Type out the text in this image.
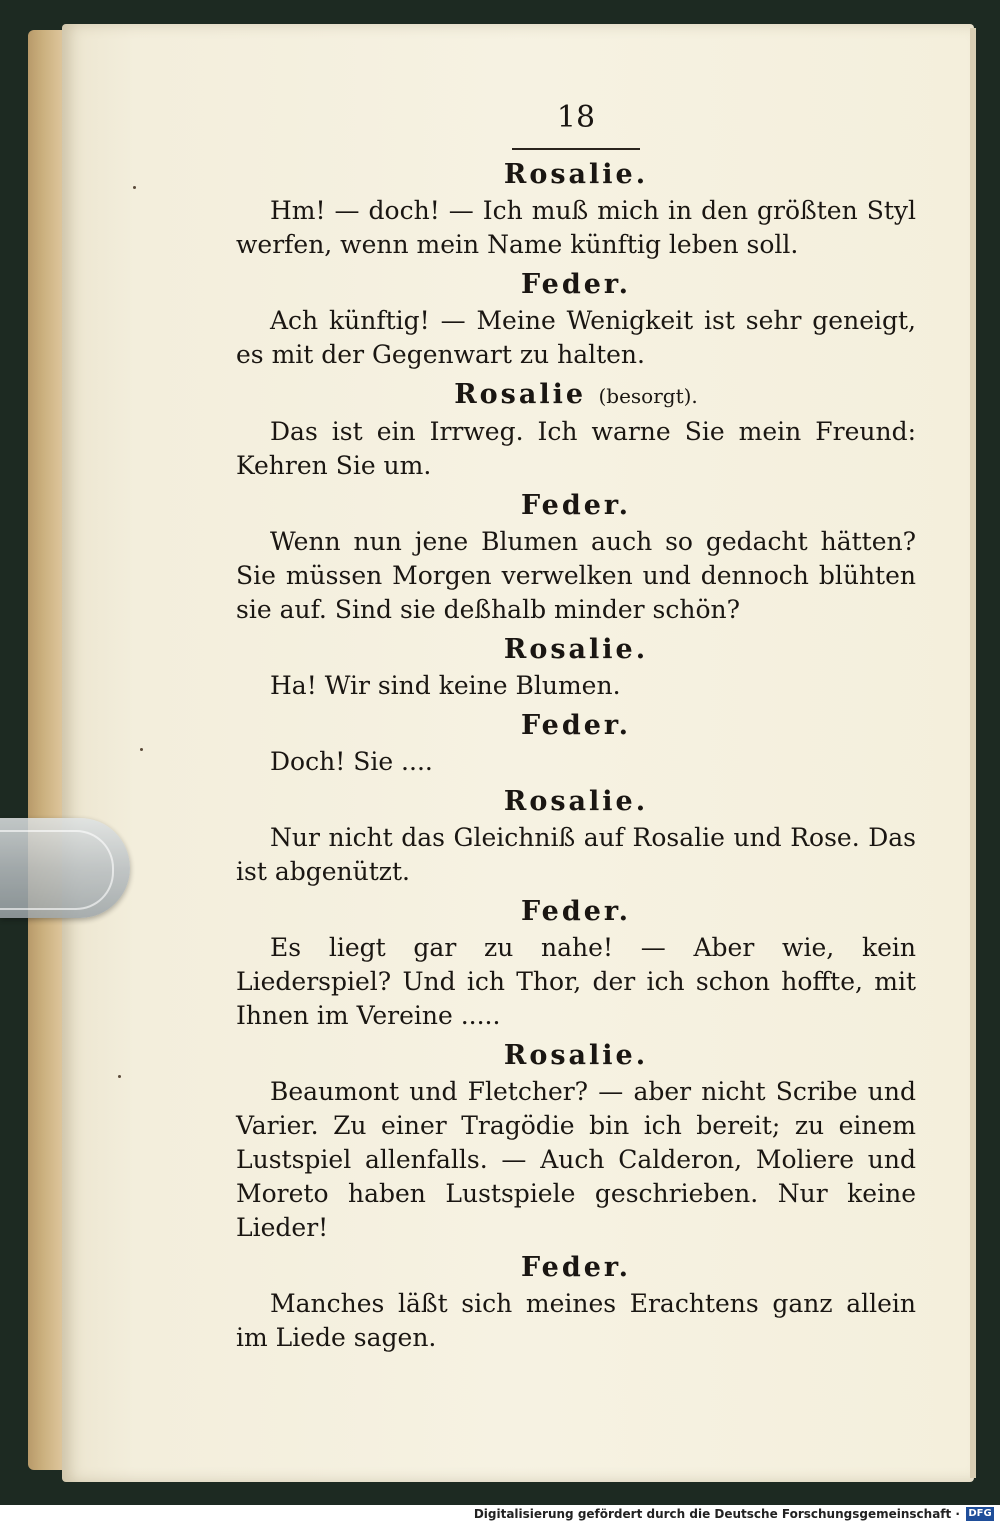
18

Rosalie.

Hm! — doch! — Ich muß mich in den größten Styl werfen, wenn mein Name künftig leben soll.

Feder.

Ach künftig! — Meine Wenigkeit ist sehr geneigt, es mit der Gegenwart zu halten.

Rosalie (besorgt).

Das ist ein Irrweg. Ich warne Sie mein Freund: Kehren Sie um.

Feder.

Wenn nun jene Blumen auch so gedacht hätten? Sie müssen Morgen verwelken und dennoch blühten sie auf. Sind sie deßhalb minder schön?

Rosalie.

Ha! Wir sind keine Blumen.

Feder.

Doch! Sie ....

Rosalie.

Nur nicht das Gleichniß auf Rosalie und Rose. Das ist abgenützt.

Feder.

Es liegt gar zu nahe! — Aber wie, kein Liederspiel? Und ich Thor, der ich schon hoffte, mit Ihnen im Vereine .....

Rosalie.

Beaumont und Fletcher? — aber nicht Scribe und Varier. Zu einer Tragödie bin ich bereit; zu einem Lustspiel allenfalls. — Auch Calderon, Moliere und Moreto haben Lustspiele geschrieben. Nur keine Lieder!

Feder.

Manches läßt sich meines Erachtens ganz allein im Liede sagen.

Digitalisierung gefördert durch die Deutsche Forschungsgemeinschaft · DFG
